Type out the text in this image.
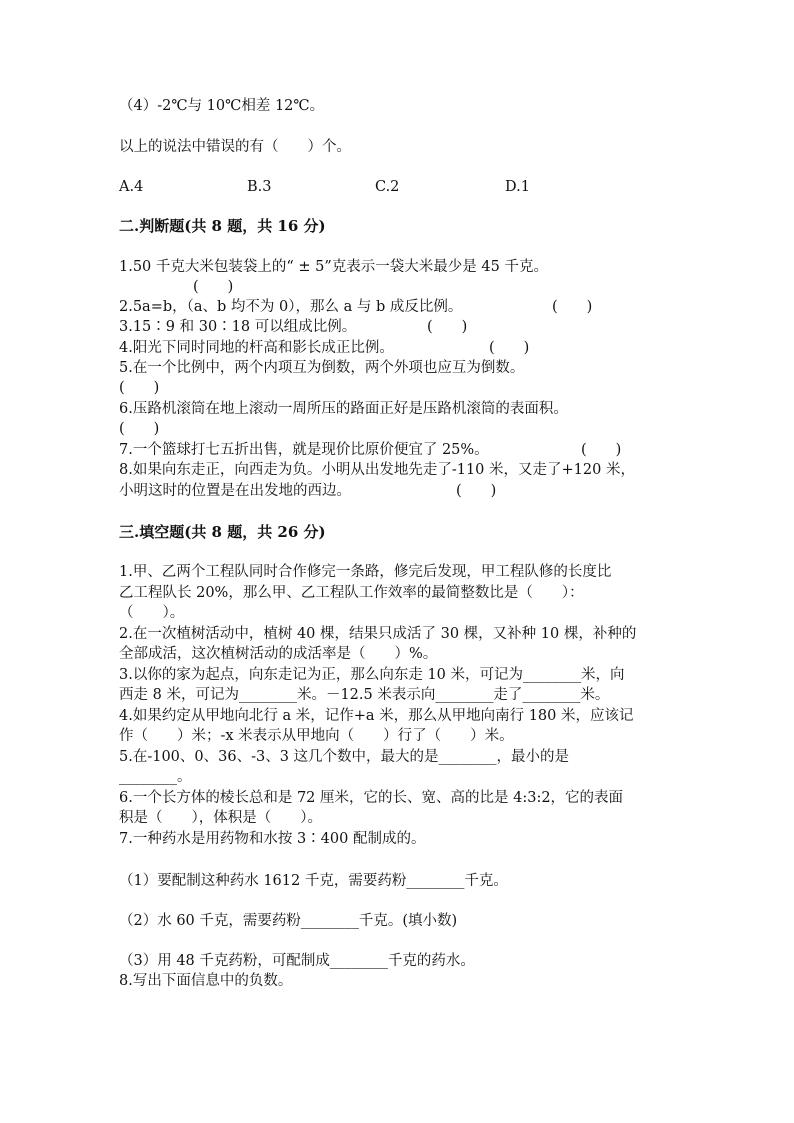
（4）-2℃与 10℃相差 12℃。
以上的说法中错误的有（　　）个。
A.4	B.3	C.2	D.1
二.判断题(共 8 题，共 16 分)
1.50 千克大米包装袋上的“ ± 5”克表示一袋大米最少是 45 千克。
(　　)
2.5a=b，（a、b 均不为 0），那么 a 与 b 成反比例。	(　　)
3.15∶9 和 30∶18 可以组成比例。	(　　)
4.阳光下同时同地的杆高和影长成正比例。	(　　)
5.在一个比例中，两个内项互为倒数，两个外项也应互为倒数。
(　　)
6.压路机滚筒在地上滚动一周所压的路面正好是压路机滚筒的表面积。
(　　)
7.一个篮球打七五折出售，就是现价比原价便宜了 25%。	(　　)
8.如果向东走正，向西走为负。小明从出发地先走了-110 米，又走了+120 米，
小明这时的位置是在出发地的西边。	(　　)
三.填空题(共 8 题，共 26 分)
1.甲、乙两个工程队同时合作修完一条路，修完后发现，甲工程队修的长度比
乙工程队长 20%，那么甲、乙工程队工作效率的最简整数比是（　　）：
（　　）。
2.在一次植树活动中，植树 40 棵，结果只成活了 30 棵，又补种 10 棵，补种的
全部成活，这次植树活动的成活率是（　　）%。
3.以你的家为起点，向东走记为正，那么向东走 10 米，可记为________米，向
西走 8 米，可记为________米。－12.5 米表示向________走了________米。
4.如果约定从甲地向北行 a 米，记作+a 米，那么从甲地向南行 180 米，应该记
作（　　）米；-x 米表示从甲地向（　　）行了（　　）米。
5.在-100、0、36、-3、3 这几个数中，最大的是________，最小的是
________。
6.一个长方体的棱长总和是 72 厘米，它的长、宽、高的比是 4:3:2，它的表面
积是（　　），体积是（　　）。
7.一种药水是用药物和水按 3∶400 配制成的。
（1）要配制这种药水 1612 千克，需要药粉________千克。
（2）水 60 千克，需要药粉________千克。(填小数)
（3）用 48 千克药粉，可配制成________千克的药水。
8.写出下面信息中的负数。
